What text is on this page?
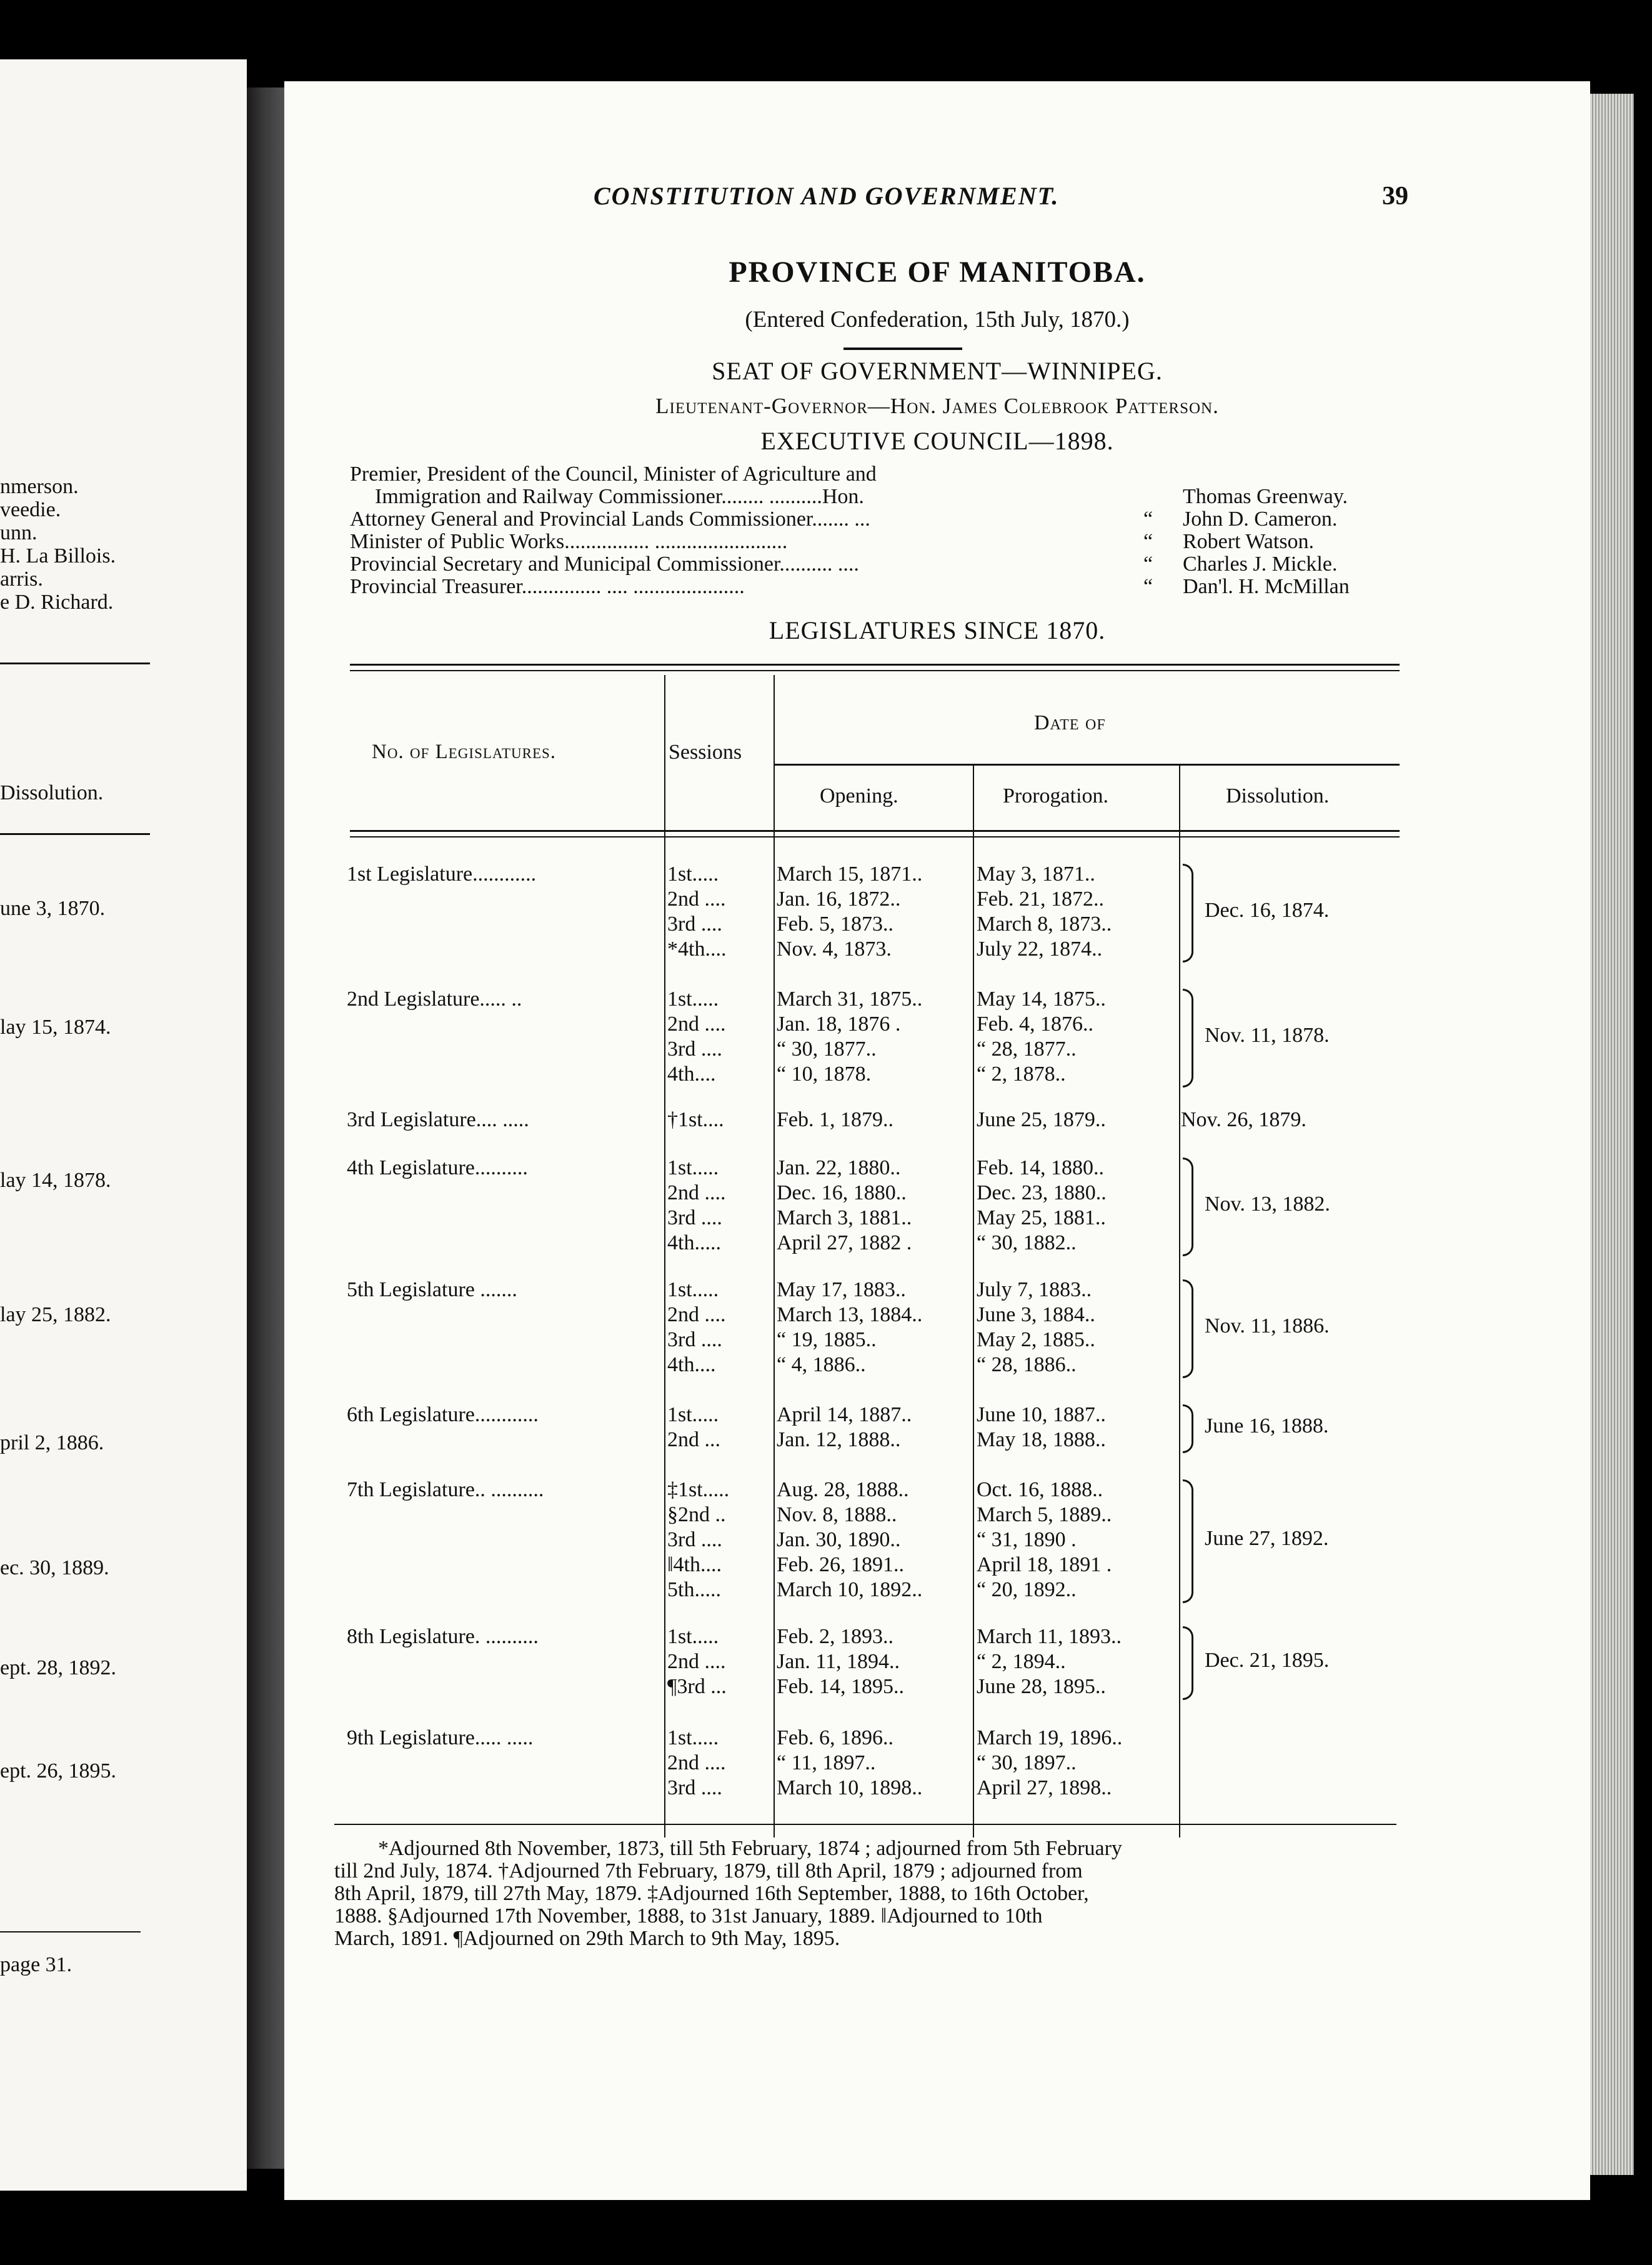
nmerson.
veedie.
unn.
H. La Billois.
arris.
e D. Richard.
Dissolution.
une 3, 1870.
lay 15, 1874.
lay 14, 1878.
lay 25, 1882.
pril 2, 1886.
ec. 30, 1889.
ept. 28, 1892.
ept. 26, 1895.
page 31.
CONSTITUTION AND GOVERNMENT.	39
PROVINCE OF MANITOBA.
(Entered Confederation, 15th July, 1870.)
SEAT OF GOVERNMENT—WINNIPEG.
Lieutenant-Governor—Hon. James Colebrook Patterson.
EXECUTIVE COUNCIL—1898.
Premier, President of the Council, Minister of Agriculture and
Immigration and Railway Commissioner........ ..........Hon.	Thomas Greenway.
Attorney General and Provincial Lands Commissioner....... ...	“ John D. Cameron.
Minister of Public Works................ .........................	“ Robert Watson.
Provincial Secretary and Municipal Commissioner.......... ....	“ Charles J. Mickle.
Provincial Treasurer............... .... .....................	“ Dan'l. H. McMillan
LEGISLATURES SINCE 1870.
No. of Legislatures.	Sessions
Date of
Opening.	Prorogation.	Dissolution.
1st Legislature............	1st.....	March 15, 1871..	May 3, 1871..
2nd .... Jan. 16, 1872..	Feb. 21, 1872..
3rd ....	Feb. 5, 1873..	March 8, 1873..
*4th.... Nov. 4, 1873.	July 22, 1874..
Dec. 16, 1874.
2nd Legislature..... ..	1st.....	March 31, 1875..	May 14, 1875..
2nd .... Jan. 18, 1876 .	Feb. 4, 1876..
3rd ....	“ 30, 1877..	“ 28, 1877..
4th....	“ 10, 1878.	“ 2, 1878..
Nov. 11, 1878.
3rd Legislature.... .....	†1st.... Feb. 1, 1879..	June 25, 1879..	Nov. 26, 1879.
4th Legislature..........	1st.....	Jan. 22, 1880..	Feb. 14, 1880..
2nd .... Dec. 16, 1880..	Dec. 23, 1880..
3rd ....	March 3, 1881..	May 25, 1881..
4th.....	April 27, 1882 .	“ 30, 1882..
Nov. 13, 1882.
5th Legislature .......	1st.....	May 17, 1883..	July 7, 1883..
2nd .... March 13, 1884..	June 3, 1884..
3rd ....	“ 19, 1885..	May 2, 1885..
4th....	“ 4, 1886..	“ 28, 1886..
Nov. 11, 1886.
6th Legislature............	1st.....	April 14, 1887..	June 10, 1887..
2nd ...	Jan. 12, 1888..	May 18, 1888..
June 16, 1888.
7th Legislature.. ..........	‡1st..... Aug. 28, 1888..	Oct. 16, 1888..
§2nd .. Nov. 8, 1888..	March 5, 1889..
3rd ....	Jan. 30, 1890..	“ 31, 1890 .
‖4th....	Feb. 26, 1891..	April 18, 1891 .
5th.....	March 10, 1892..	“ 20, 1892..
June 27, 1892.
8th Legislature. ..........	1st.....	Feb. 2, 1893..	March 11, 1893..
2nd .... Jan. 11, 1894..	“ 2, 1894..
¶3rd ... Feb. 14, 1895..	June 28, 1895..
Dec. 21, 1895.
9th Legislature..... .....	1st.....	Feb. 6, 1896..	March 19, 1896..
2nd .... “ 11, 1897..	“ 30, 1897..
3rd ....	March 10, 1898..	April 27, 1898..
*Adjourned 8th November, 1873, till 5th February, 1874 ; adjourned from 5th February
till 2nd July, 1874. †Adjourned 7th February, 1879, till 8th April, 1879 ; adjourned from
8th April, 1879, till 27th May, 1879. ‡Adjourned 16th September, 1888, to 16th October,
1888. §Adjourned 17th November, 1888, to 31st January, 1889. ‖Adjourned to 10th
March, 1891. ¶Adjourned on 29th March to 9th May, 1895.
